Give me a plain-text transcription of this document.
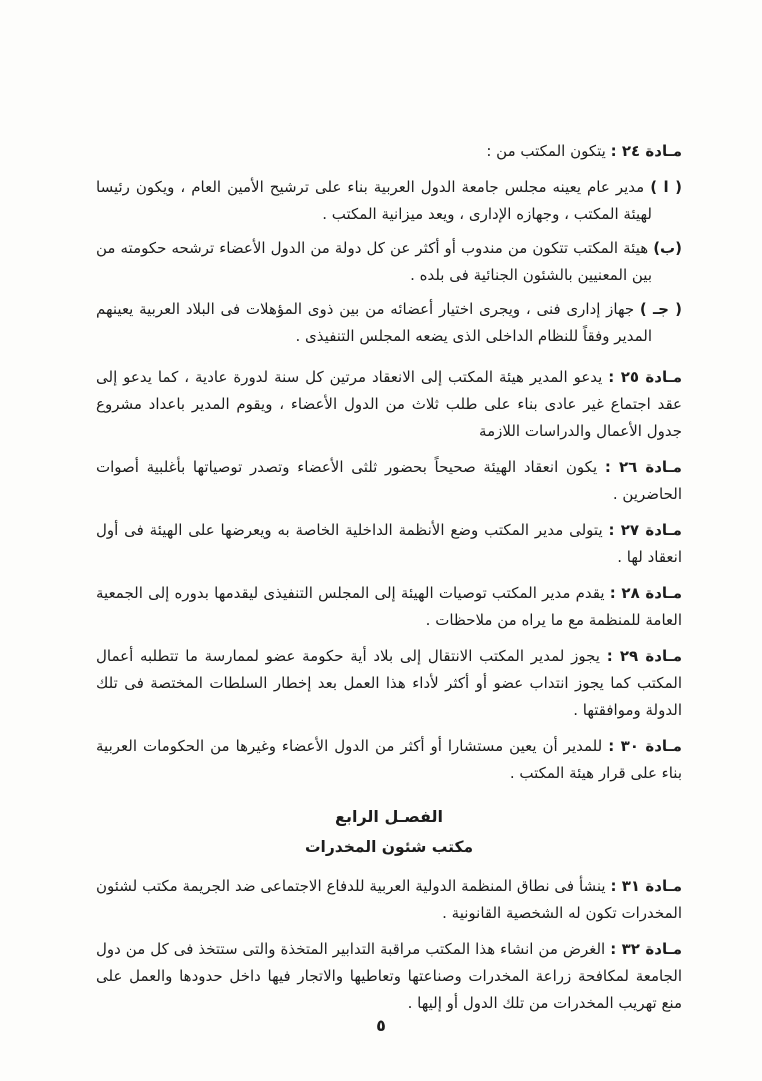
مـادة ٢٤ : يتكون المكتب من :

( ا ) مدير عام يعينه مجلس جامعة الدول العربية بناء على ترشيح الأمين العام ، ويكون رئيسا لهيئة المكتب ، وجهازه الإدارى ، ويعد ميزانية المكتب .

(ب) هيئة المكتب تتكون من مندوب أو أكثر عن كل دولة من الدول الأعضاء ترشحه حكومته من بين المعنيين بالشئون الجنائية فى بلده .

( جـ ) جهاز إدارى فنى ، ويجرى اختيار أعضائه من بين ذوى المؤهلات فى البلاد العربية يعينهم المدير وفقاً للنظام الداخلى الذى يضعه المجلس التنفيذى .

مـادة ٢٥ : يدعو المدير هيئة المكتب إلى الانعقاد مرتين كل سنة لدورة عادية ، كما يدعو إلى عقد اجتماع غير عادى بناء على طلب ثلاث من الدول الأعضاء ، ويقوم المدير باعداد مشروع جدول الأعمال والدراسات اللازمة

مـادة ٢٦ : يكون انعقاد الهيئة صحيحاً بحضور ثلثى الأعضاء وتصدر توصياتها بأغلبية أصوات الحاضرين .

مـادة ٢٧ : يتولى مدير المكتب وضع الأنظمة الداخلية الخاصة به ويعرضها على الهيئة فى أول انعقاد لها .

مـادة ٢٨ : يقدم مدير المكتب توصيات الهيئة إلى المجلس التنفيذى ليقدمها بدوره إلى الجمعية العامة للمنظمة مع ما يراه من ملاحظات .

مـادة ٢٩ : يجوز لمدير المكتب الانتقال إلى بلاد أية حكومة عضو لممارسة ما تتطلبه أعمال المكتب كما يجوز انتداب عضو أو أكثر لأداء هذا العمل بعد إخطار السلطات المختصة فى تلك الدولة وموافقتها .

مـادة ٣٠ : للمدير أن يعين مستشارا أو أكثر من الدول الأعضاء وغيرها من الحكومات العربية بناء على قرار هيئة المكتب .

الفصـل الرابع
مكتب شئون المخدرات

مـادة ٣١ : ينشأ فى نطاق المنظمة الدولية العربية للدفاع الاجتماعى ضد الجريمة مكتب لشئون المخدرات تكون له الشخصية القانونية .

مـادة ٣٢ : الغرض من انشاء هذا المكتب مراقبة التدابير المتخذة والتى ستتخذ فى كل من دول الجامعة لمكافحة زراعة المخدرات وصناعتها وتعاطيها والاتجار فيها داخل حدودها والعمل على منع تهريب المخدرات من تلك الدول أو إليها .

٥
